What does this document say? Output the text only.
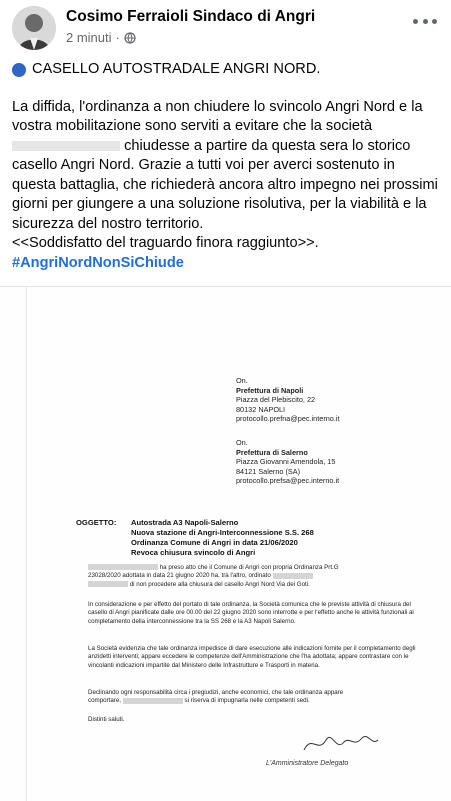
Cosimo Ferraioli Sindaco di Angri
2 minuti ·

CASELLO AUTOSTRADALE ANGRI NORD.

La diffida, l'ordinanza a non chiudere lo svincolo Angri Nord e la vostra mobilitazione sono serviti a evitare che la società  chiudesse a partire da questa sera lo storico casello Angri Nord. Grazie a tutti voi per averci sostenuto in questa battaglia, che richiederà ancora altro impegno nei prossimi giorni per giungere a una soluzione risolutiva, per la viabilità e la sicurezza del nostro territorio.

<<Soddisfatto del traguardo finora raggiunto>>.

#AngriNordNonSiChiude

On.
Prefettura di Napoli
Piazza del Plebiscito, 22
80132 NAPOLI
protocollo.prefna@pec.interno.it
On.
Prefettura di Salerno
Piazza Giovanni Amendola, 15
84121 Salerno (SA)
protocollo.prefsa@pec.interno.it
OGGETTO:	Autostrada A3 Napoli-Salerno
Nuova stazione di Angri-Interconnessione S.S. 268
Ordinanza Comune di Angri in data 21/06/2020
Revoca chiusura svincolo di Angri

ha preso atto che il Comune di Angri con propria Ordinanza Prt.G

23028/2020 adottata in data 21 giugno 2020 ha, tra l'altro, ordinato

di non procedere alla chiusura del casello Angri Nord Via dei Goti.

In considerazione e per effetto del portato di tale ordinanza, la Società comunica che le previste attività di chiusura del casello di Angri pianificate dalle ore 00.00 del 22 giugno 2020 sono interrotte e per l'effetto anche le attività funzionali al completamento della interconnessione tra la SS 268 e la A3 Napoli Salerno.
La Società evidenzia che tale ordinanza impedisce di dare esecuzione alle indicazioni fornite per il completamento degli anzidetti interventi; appare eccedere le competenze dell'Amministrazione che l'ha adottata; appare contrastare con le vincolanti indicazioni impartite dal Ministero delle Infrastrutture e Trasporti in materia.

Declinando ogni responsabilità circa i pregiudizi, anche economici, che tale ordinanza appare

comportare,	si riserva di impugnarla nelle competenti sedi.

Distinti saluti.
L'Amministratore Delegato
